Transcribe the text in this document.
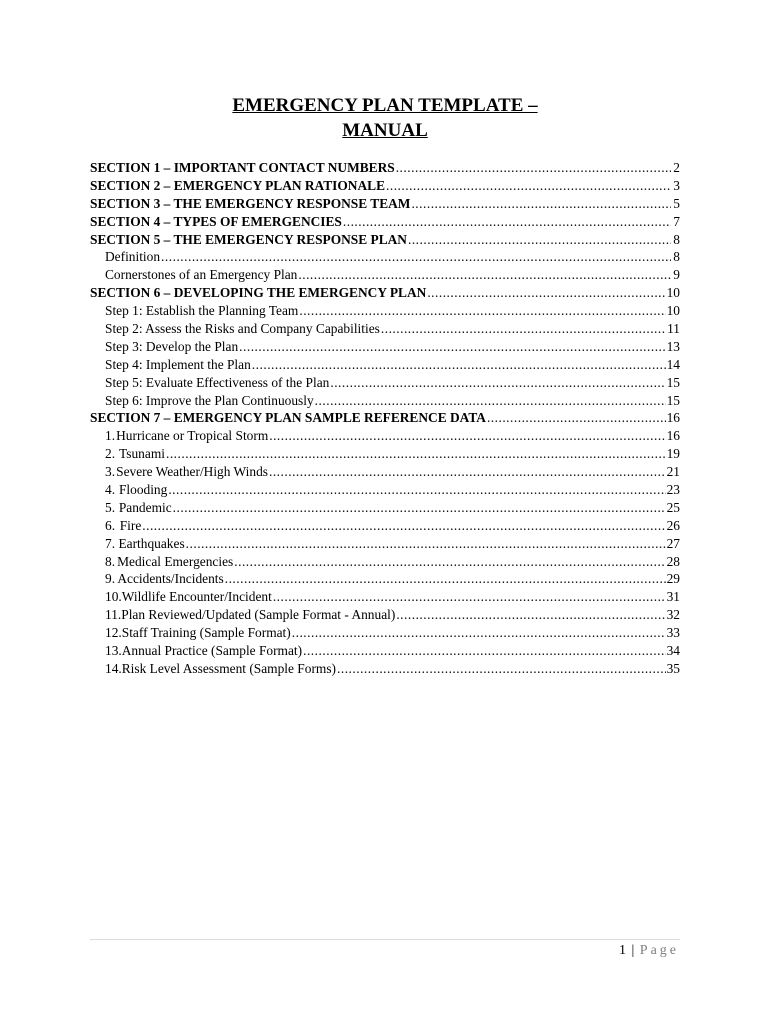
EMERGENCY PLAN TEMPLATE –
MANUAL
SECTION 1 – IMPORTANT CONTACT NUMBERS .....	2
SECTION 2 – EMERGENCY PLAN RATIONALE .....	3
SECTION 3 – THE EMERGENCY RESPONSE TEAM .....	5
SECTION 4 – TYPES OF EMERGENCIES .....	7
SECTION 5 – THE EMERGENCY RESPONSE PLAN .....	8
Definition .....	8
Cornerstones of an Emergency Plan .....	9
SECTION 6 – DEVELOPING THE EMERGENCY PLAN .....	10
Step 1: Establish the Planning Team .....	10
Step 2: Assess the Risks and Company Capabilities .....	11
Step 3: Develop the Plan .....	13
Step 4: Implement the Plan .....	14
Step 5: Evaluate Effectiveness of the Plan .....	15
Step 6: Improve the Plan Continuously .....	15
SECTION 7 – EMERGENCY PLAN SAMPLE REFERENCE DATA .....	16
1. Hurricane or Tropical Storm .....	16
2. Tsunami .....	19
3. Severe Weather/High Winds .....	21
4. Flooding .....	23
5. Pandemic .....	25
6. Fire .....	26
7. Earthquakes .....	27
8. Medical Emergencies .....	28
9. Accidents/Incidents .....	29
10. Wildlife Encounter/Incident .....	31
11. Plan Reviewed/Updated (Sample Format - Annual) .....	32
12. Staff Training (Sample Format) .....	33
13. Annual Practice (Sample Format) .....	34
14. Risk Level Assessment (Sample Forms) .....	35
1 | Page
